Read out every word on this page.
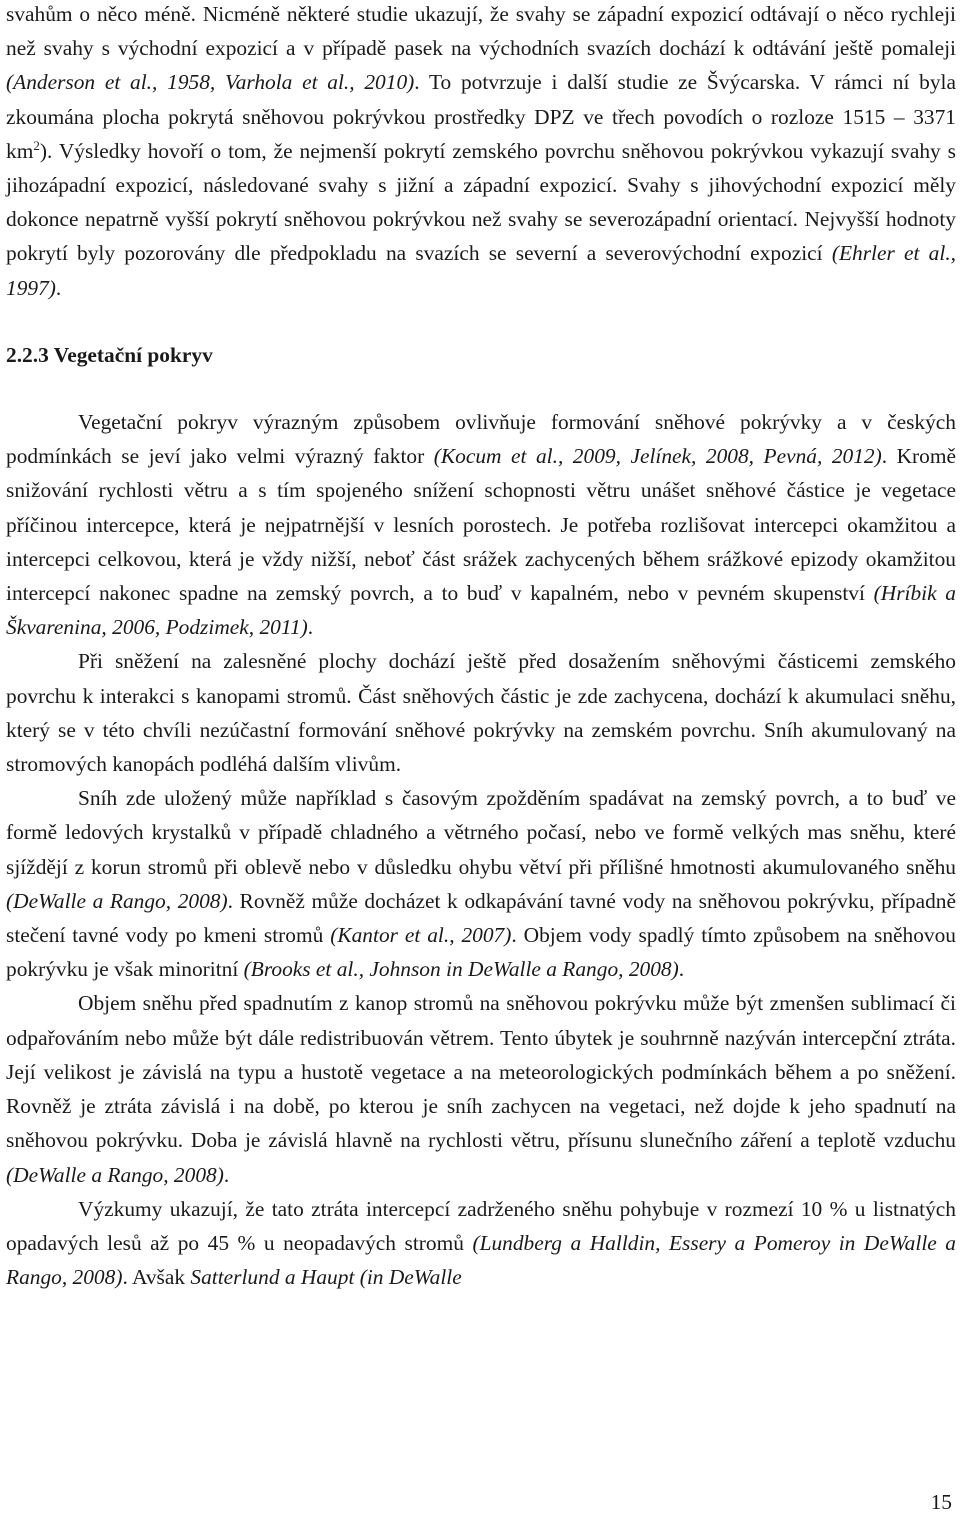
svahům o něco méně. Nicméně některé studie ukazují, že svahy se západní expozicí odtávají o něco rychleji než svahy s východní expozicí a v případě pasek na východních svazích dochází k odtávání ještě pomaleji (Anderson et al., 1958, Varhola et al., 2010). To potvrzuje i další studie ze Švýcarska. V rámci ní byla zkoumána plocha pokrytá sněhovou pokrývkou prostředky DPZ ve třech povodích o rozloze 1515 – 3371 $km^2$). Výsledky hovoří o tom, že nejmenší pokrytí zemského povrchu sněhovou pokrývkou vykazují svahy s jihozápadní expozicí, následované svahy s jižní a západní expozicí. Svahy s jihovýchodní expozicí měly dokonce nepatrně vyšší pokrytí sněhovou pokrývkou než svahy se severozápadní orientací. Nejvyšší hodnoty pokrytí byly pozorovány dle předpokladu na svazích se severní a severovýchodní expozicí (Ehrler et al., 1997).

2.2.3 Vegetační pokryv

Vegetační pokryv výrazným způsobem ovlivňuje formování sněhové pokrývky a v českých podmínkách se jeví jako velmi výrazný faktor (Kocum et al., 2009, Jelínek, 2008, Pevná, 2012). Kromě snižování rychlosti větru a s tím spojeného snížení schopnosti větru unášet sněhové částice je vegetace příčinou intercepce, která je nejpatrnější v lesních porostech. Je potřeba rozlišovat intercepci okamžitou a intercepci celkovou, která je vždy nižší, neboť část srážek zachycených během srážkové epizody okamžitou intercepcí nakonec spadne na zemský povrch, a to buď v kapalném, nebo v pevném skupenství (Hríbik a Škvarenina, 2006, Podzimek, 2011).

Při sněžení na zalesněné plochy dochází ještě před dosažením sněhovými částicemi zemského povrchu k interakci s kanopami stromů. Část sněhových částic je zde zachycena, dochází k akumulaci sněhu, který se v této chvíli nezúčastní formování sněhové pokrývky na zemském povrchu. Sníh akumulovaný na stromových kanopách podléhá dalším vlivům.

Sníh zde uložený může například s časovým zpožděním spadávat na zemský povrch, a to buď ve formě ledových krystalků v případě chladného a větrného počasí, nebo ve formě velkých mas sněhu, které sjíždějí z korun stromů při oblevě nebo v důsledku ohybu větví při přílišné hmotnosti akumulovaného sněhu (DeWalle a Rango, 2008). Rovněž může docházet k odkapávání tavné vody na sněhovou pokrývku, případně stečení tavné vody po kmeni stromů (Kantor et al., 2007). Objem vody spadlý tímto způsobem na sněhovou pokrývku je však minoritní (Brooks et al., Johnson in DeWalle a Rango, 2008).

Objem sněhu před spadnutím z kanop stromů na sněhovou pokrývku může být zmenšen sublimací či odpařováním nebo může být dále redistribuován větrem. Tento úbytek je souhrnně nazýván intercepční ztráta. Její velikost je závislá na typu a hustotě vegetace a na meteorologických podmínkách během a po sněžení. Rovněž je ztráta závislá i na době, po kterou je sníh zachycen na vegetaci, než dojde k jeho spadnutí na sněhovou pokrývku. Doba je závislá hlavně na rychlosti větru, přísunu slunečního záření a teplotě vzduchu (DeWalle a Rango, 2008).

Výzkumy ukazují, že tato ztráta intercepcí zadrženého sněhu pohybuje v rozmezí 10 % u listnatých opadavých lesů až po 45 % u neopadavých stromů (Lundberg a Halldin, Essery a Pomeroy in DeWalle a Rango, 2008). Avšak Satterlund a Haupt (in DeWalle

15
